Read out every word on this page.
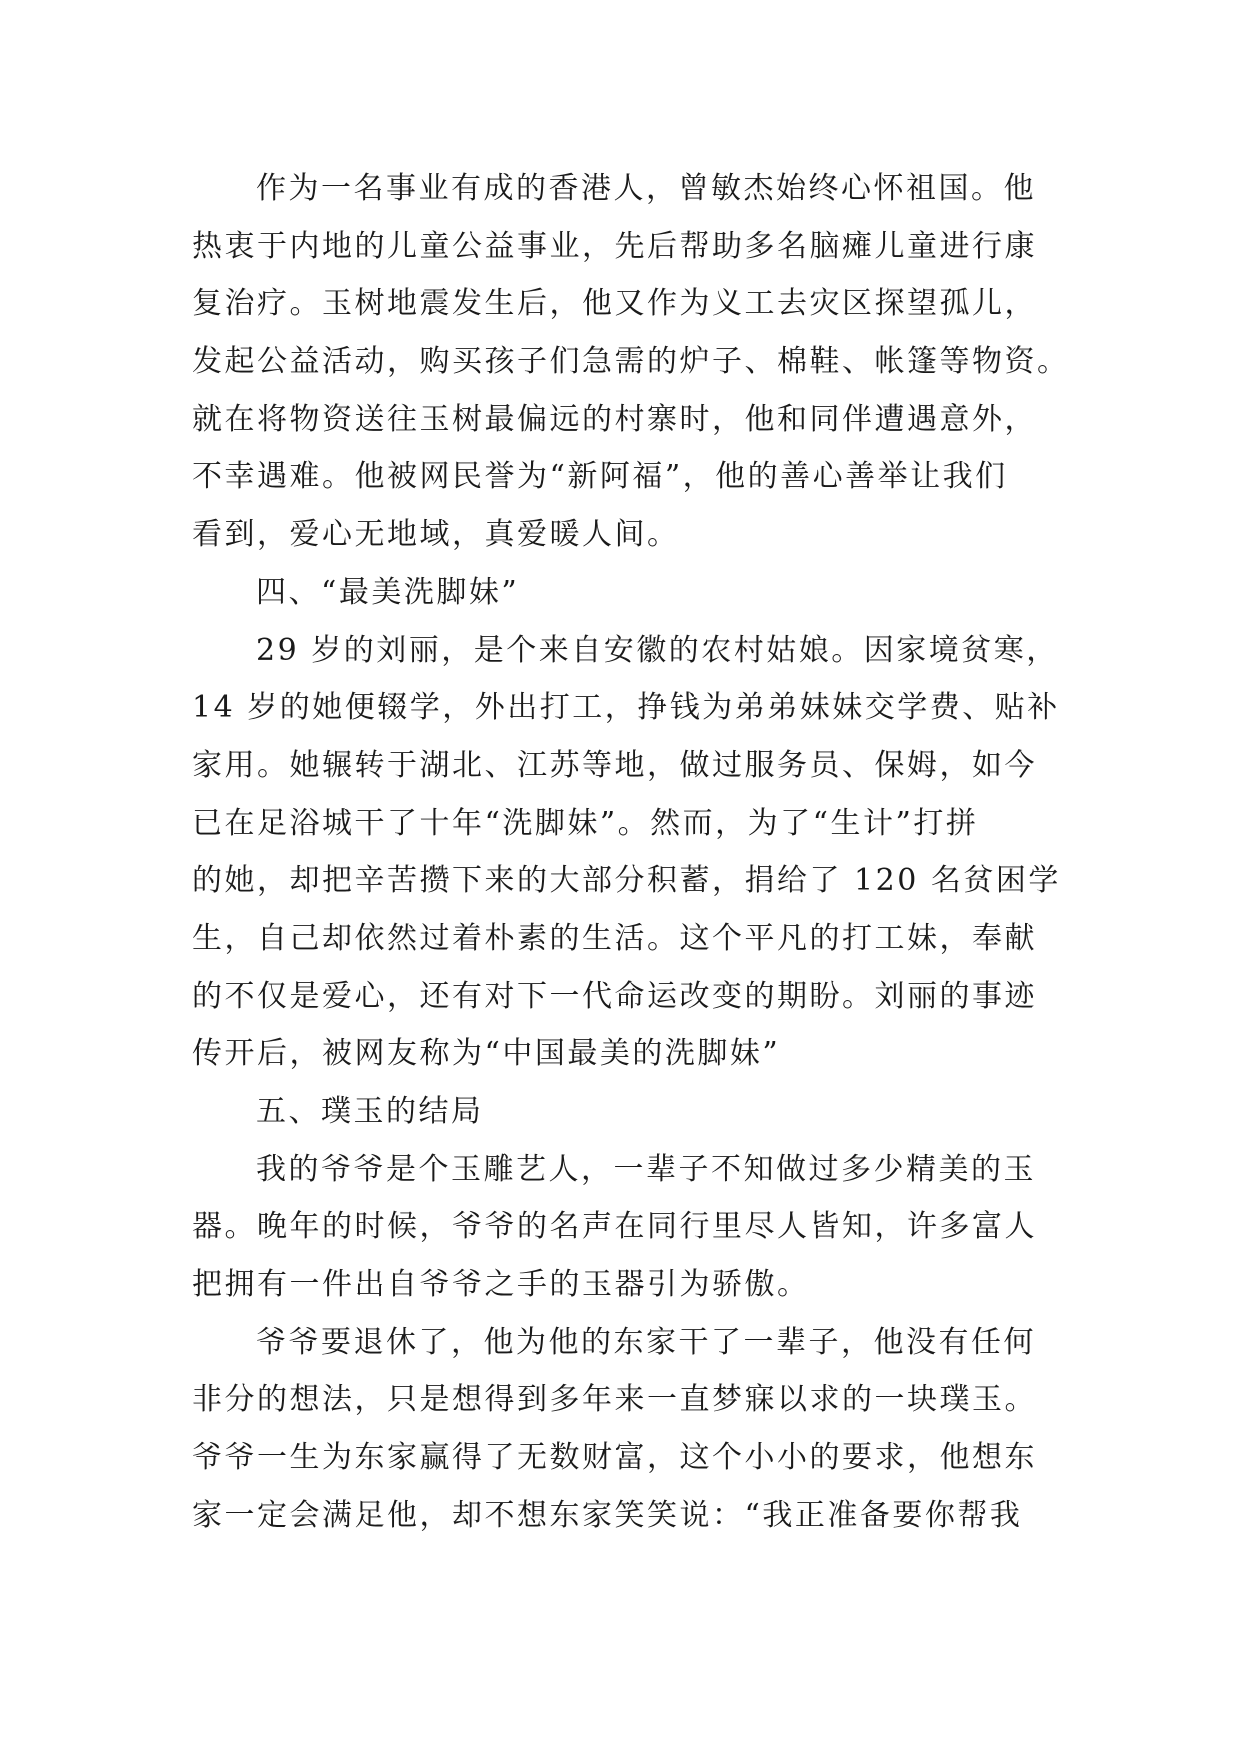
作为一名事业有成的香港人，曾敏杰始终心怀祖国。他
热衷于内地的儿童公益事业，先后帮助多名脑瘫儿童进行康
复治疗。玉树地震发生后，他又作为义工去灾区探望孤儿，
发起公益活动，购买孩子们急需的炉子、棉鞋、帐篷等物资。
就在将物资送往玉树最偏远的村寨时，他和同伴遭遇意外，
不幸遇难。他被网民誉为“新阿福”，他的善心善举让我们
看到，爱心无地域，真爱暖人间。
四、“最美洗脚妹”
29 岁的刘丽，是个来自安徽的农村姑娘。因家境贫寒，
14 岁的她便辍学，外出打工，挣钱为弟弟妹妹交学费、贴补
家用。她辗转于湖北、江苏等地，做过服务员、保姆，如今
已在足浴城干了十年“洗脚妹”。然而，为了“生计”打拼
的她，却把辛苦攒下来的大部分积蓄，捐给了 120 名贫困学
生，自己却依然过着朴素的生活。这个平凡的打工妹，奉献
的不仅是爱心，还有对下一代命运改变的期盼。刘丽的事迹
传开后，被网友称为“中国最美的洗脚妹”
五、璞玉的结局
我的爷爷是个玉雕艺人，一辈子不知做过多少精美的玉
器。晚年的时候，爷爷的名声在同行里尽人皆知，许多富人
把拥有一件出自爷爷之手的玉器引为骄傲。
爷爷要退休了，他为他的东家干了一辈子，他没有任何
非分的想法，只是想得到多年来一直梦寐以求的一块璞玉。
爷爷一生为东家赢得了无数财富，这个小小的要求，他想东
家一定会满足他，却不想东家笑笑说：“我正准备要你帮我
